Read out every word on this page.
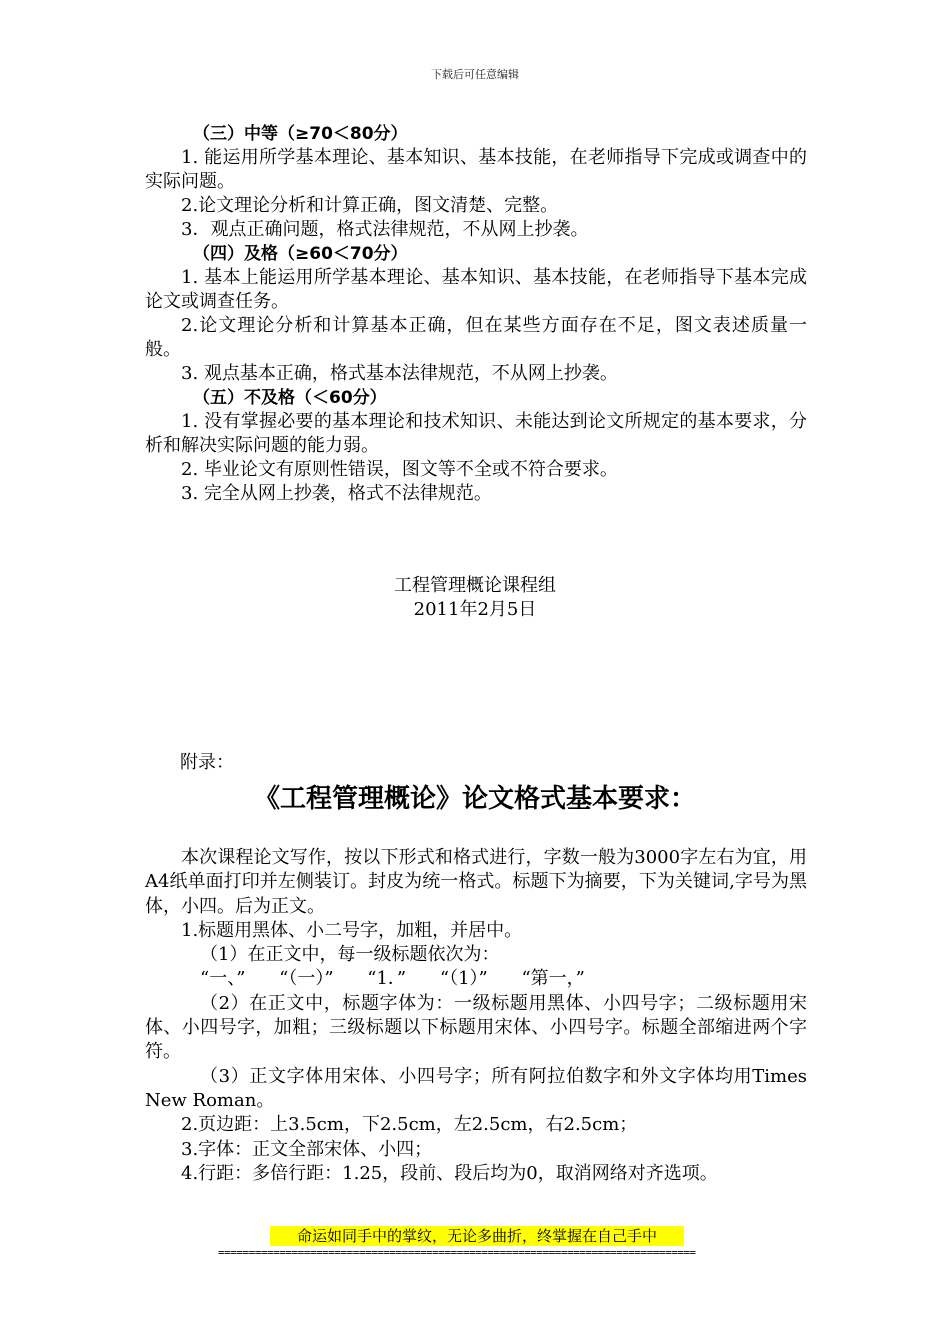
下载后可任意编辑

（三）中等（≥70＜80分）

1. 能运用所学基本理论、基本知识、基本技能，在老师指导下完成或调查中的实际问题。

2.论文理论分析和计算正确，图文清楚、完整。

3．观点正确问题，格式法律规范，不从网上抄袭。

（四）及格（≥60＜70分）

1. 基本上能运用所学基本理论、基本知识、基本技能，在老师指导下基本完成论文或调查任务。

2.论文理论分析和计算基本正确，但在某些方面存在不足，图文表述质量一般。

3. 观点基本正确，格式基本法律规范，不从网上抄袭。

（五）不及格（＜60分）

1. 没有掌握必要的基本理论和技术知识、未能达到论文所规定的基本要求，分析和解决实际问题的能力弱。

2. 毕业论文有原则性错误，图文等不全或不符合要求。

3. 完全从网上抄袭，格式不法律规范。

工程管理概论课程组
2011年2月5日
附录：
《工程管理概论》论文格式基本要求：

本次课程论文写作，按以下形式和格式进行，字数一般为3000字左右为宜，用A4纸单面打印并左侧装订。封皮为统一格式。标题下为摘要，下为关键词,字号为黑体，小四。后为正文。

1.标题用黑体、小二号字，加粗，并居中。

（1）在正文中，每一级标题依次为：

“一、” “（一）” “1．” “（1）” “第一，”

（2）在正文中，标题字体为：一级标题用黑体、小四号字；二级标题用宋体、小四号字，加粗；三级标题以下标题用宋体、小四号字。标题全部缩进两个字符。

（3）正文字体用宋体、小四号字；所有阿拉伯数字和外文字体均用Times New Roman。

2.页边距：上3.5cm，下2.5cm，左2.5cm，右2.5cm；

3.字体：正文全部宋体、小四；

4.行距：多倍行距：1.25，段前、段后均为0，取消网络对齐选项。

命运如同手中的掌纹，无论多曲折，终掌握在自己手中
==============================================================================
